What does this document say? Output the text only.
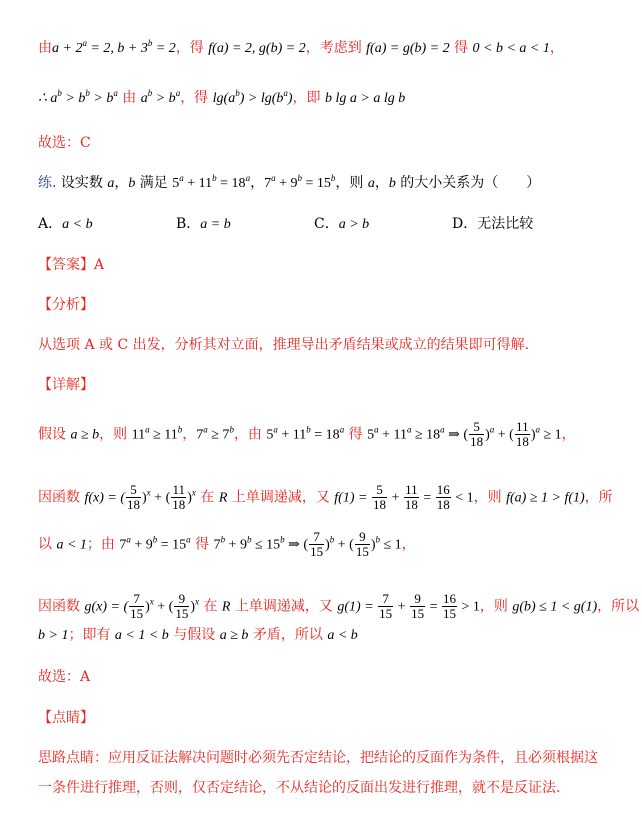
由$a + 2^a = 2$, $b + 3^b = 2$，得 f(a) = 2, g(b) = 2，考虑到 f(a) = g(b) = 2 得 0 < b < a < 1，
∴ $a^b > b^b > b^a$ 由 $a^b > b^a$，得 $\lg(a^b) > \lg(b^a)$，即 b lg a > a lg b
故选：C
练. 设实数 a，b 满足 $5^a + 11^b = 18^a$，$7^a + 9^b = 15^b$，则 a，b 的大小关系为（　　）
A．a < b	B．a = b	C．a > b	D．无法比较
【答案】A
【分析】
从选项 A 或 C 出发，分析其对立面，推理导出矛盾结果或成立的结果即可得解.
【详解】
假设 a ≥ b，则 $11^a \ge 11^b$，$7^a \ge 7^b$，由 $5^a + 11^b = 18^a$ 得 $5^a + 11^a \ge 18^a$ ⇒ ( $\frac{5}{18} )^a$ + ( $\frac{11}{18} )^a \ge 1$，
因函数 f(x) = ( $\frac{5}{18} )^x$ + ( $\frac{11}{18} )^x$ 在 R 上单调递减，又 $f(1) = \frac{5}{18} + \frac{11}{18} = \frac{16}{18} < 1$，则 f(a) ≥ 1 > f(1)，所
以 a < 1；由 $7^a + 9^b = 15^a$ 得 $7^b + 9^b \le 15^b$ ⇒ ( $\frac{7}{15} )^b$ + ( $\frac{9}{15} )^b \le 1$，
因函数 g(x) = ( $\frac{7}{15} )^x$ + ( $\frac{9}{15} )^x$ 在 R 上单调递减，又 $g(1) = \frac{7}{15} + \frac{9}{15} = \frac{16}{15} > 1$，则 g(b) ≤ 1 < g(1)，所以
b > 1；即有 a < 1 < b 与假设 a ≥ b 矛盾，所以 a < b
故选：A
【点睛】
思路点睛：应用反证法解决问题时必须先否定结论，把结论的反面作为条件，且必须根据这
一条件进行推理，否则，仅否定结论，不从结论的反面出发进行推理，就不是反证法.
